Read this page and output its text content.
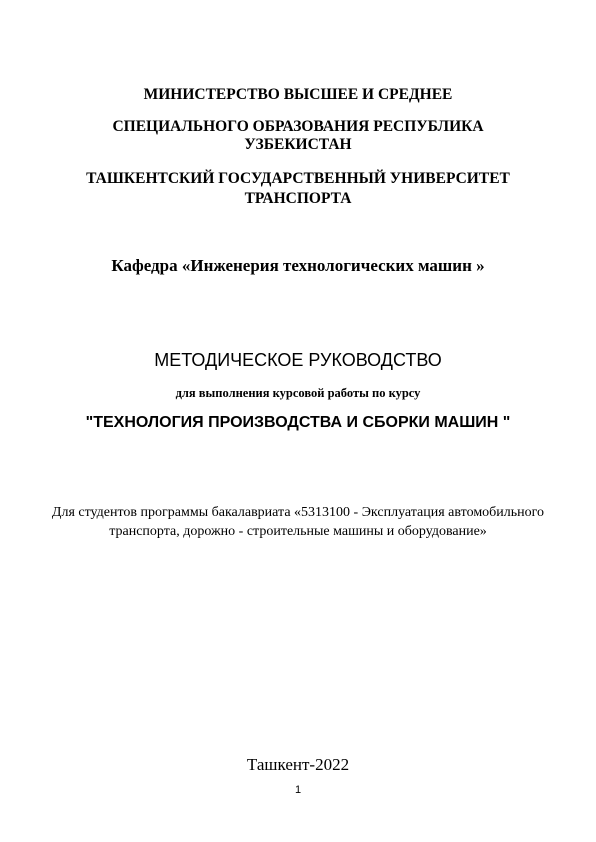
МИНИСТЕРСТВО ВЫСШЕЕ И СРЕДНЕЕ
СПЕЦИАЛЬНОГО ОБРАЗОВАНИЯ РЕСПУБЛИКА
УЗБЕКИСТАН
ТАШКЕНТСКИЙ ГОСУДАРСТВЕННЫЙ УНИВЕРСИТЕТ
ТРАНСПОРТА
Кафедра «Инженерия технологических машин »
МЕТОДИЧЕСКОЕ РУКОВОДСТВО
для выполнения курсовой работы по курсу
"ТЕХНОЛОГИЯ ПРОИЗВОДСТВА И СБОРКИ МАШИН "
Для студентов программы бакалавриата «5313100 - Эксплуатация автомобильного
транспорта, дорожно - строительные машины и оборудование»
Ташкент-2022
1
